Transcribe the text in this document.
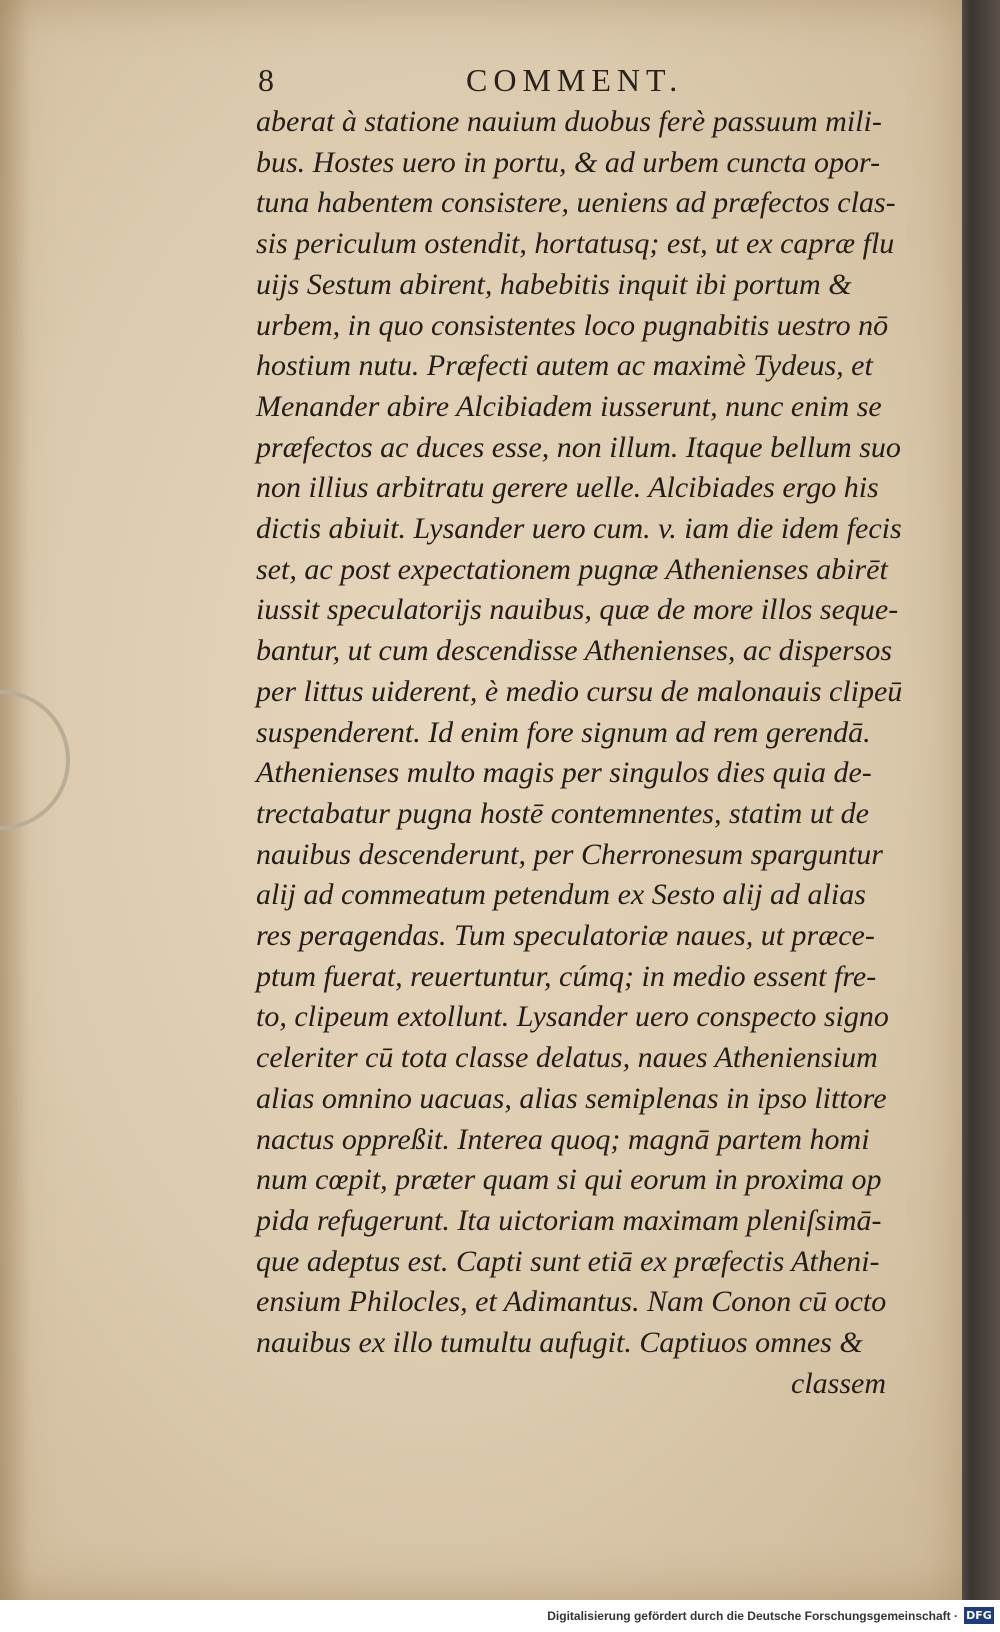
8	COMMENT.
aberat à statione nauium duobus ferè passuum mili-
bus. Hostes uero in portu, & ad urbem cuncta opor-
tuna habentem consistere, ueniens ad præfectos clas-
sis periculum ostendit, hortatusq; est, ut ex capræ flu
uijs Sestum abirent, habebitis inquit ibi portum &
urbem, in quo consistentes loco pugnabitis uestro nō
hostium nutu. Præfecti autem ac maximè Tydeus, et
Menander abire Alcibiadem iusserunt, nunc enim se
præfectos ac duces esse, non illum. Itaque bellum suo
non illius arbitratu gerere uelle. Alcibiades ergo his
dictis abiuit. Lysander uero cum. v. iam die idem fecis
set, ac post expectationem pugnæ Athenienses abirēt
iussit speculatorijs nauibus, quæ de more illos seque-
bantur, ut cum descendisse Athenienses, ac dispersos
per littus uiderent, è medio cursu de malonauis clipeū
suspenderent. Id enim fore signum ad rem gerendā.
Athenienses multo magis per singulos dies quia de-
trectabatur pugna hostē contemnentes, statim ut de
nauibus descenderunt, per Cherronesum sparguntur
alij ad commeatum petendum ex Sesto alij ad alias
res peragendas. Tum speculatoriæ naues, ut præce-
ptum fuerat, reuertuntur, cúmq; in medio essent fre-
to, clipeum extollunt. Lysander uero conspecto signo
celeriter cū tota classe delatus, naues Atheniensium
alias omnino uacuas, alias semiplenas in ipso littore
nactus oppreßit. Interea quoq; magnā partem homi
num cœpit, præter quam si qui eorum in proxima op
pida refugerunt. Ita uictoriam maximam pleniſsimā-
que adeptus est. Capti sunt etiā ex præfectis Atheni-
ensium Philocles, et Adimantus. Nam Conon cū octo
nauibus ex illo tumultu aufugit. Captiuos omnes &
classem
Digitalisierung gefördert durch die Deutsche Forschungsgemeinschaft · DFG
